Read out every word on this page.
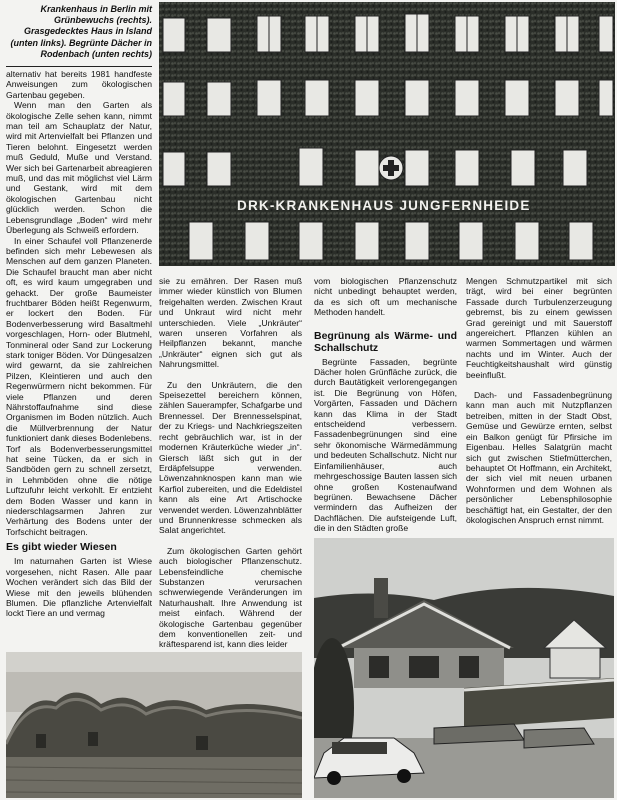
Krankenhaus in Berlin mit Grünbewuchs (rechts). Grasgedecktes Haus in Island (unten links). Begrünte Dächer in Rodenbach (unten rechts)
DRK-KRANKENHAUS JUNGFERNHEIDE

alternativ hat bereits 1981 handfeste Anweisungen zum ökologischen Gartenbau gegeben.

Wenn man den Garten als ökologische Zelle sehen kann, nimmt man teil am Schauplatz der Natur, wird mit Artenvielfalt bei Pflanzen und Tieren belohnt. Eingesetzt werden muß Geduld, Muße und Verstand. Wer sich bei Gartenarbeit abreagieren muß, und das mit möglichst viel Lärm und Gestank, wird mit dem ökologischen Gartenbau nicht glücklich werden. Schon die Lebensgrundlage „Boden“ wird mehr Überlegung als Schweiß erfordern.

In einer Schaufel voll Pflanzenerde befinden sich mehr Lebewesen als Menschen auf dem ganzen Planeten. Die Schaufel braucht man aber nicht oft, es wird kaum umgegraben und gehackt. Der große Baumeister fruchtbarer Böden heißt Regenwurm, er lockert den Boden. Für Bodenverbesserung wird Basaltmehl vorgeschlagen, Horn- oder Blutmehl, Tonmineral oder Sand zur Lockerung stark toniger Böden. Vor Düngesalzen wird gewarnt, da sie zahlreichen Pilzen, Kleintieren und auch den Regenwürmern nicht bekommen. Für viele Pflanzen und deren Nährstoffaufnahme sind diese Organismen im Boden nützlich. Auch die Müllverbrennung der Natur funktioniert dank dieses Bodenlebens. Torf als Bodenverbesserungsmittel hat seine Tücken, da er sich in Sandböden gern zu schnell zersetzt, in Lehmböden ohne die nötige Luftzufuhr leicht verkohlt. Er entzieht dem Boden Wasser und kann in niederschlagsarmen Jahren zur Verhärtung des Bodens unter der Torfschicht beitragen.

Es gibt wieder Wiesen

Im naturnahen Garten ist Wiese vorgesehen, nicht Rasen. Alle paar Wochen verändert sich das Bild der Wiese mit den jeweils blühenden Blumen. Die pflanzliche Artenvielfalt lockt Tiere an und vermag

sie zu ernähren. Der Rasen muß immer wieder künstlich von Blumen freigehalten werden. Zwischen Kraut und Unkraut wird nicht mehr unterschieden. Viele „Unkräuter“ waren unseren Vorfahren als Heilpflanzen bekannt, manche „Unkräuter“ eignen sich gut als Nahrungsmittel.

Zu den Unkräutern, die den Speisezettel bereichern können, zählen Sauerampfer, Schafgarbe und Brennessel. Der Brennesselspinat, der zu Kriegs- und Nachkriegszeiten recht gebräuchlich war, ist in der modernen Kräuterküche wieder „in“. Giersch läßt sich gut in der Erdäpfelsuppe verwenden. Löwenzahnknospen kann man wie Karfiol zubereiten, und die Edeldistel kann als eine Art Artischocke verwendet werden. Löwenzahnblätter und Brunnenkresse schmecken als Salat angerichtet.

Zum ökologischen Garten gehört auch biologischer Pflanzenschutz. Lebensfeindliche chemische Substanzen verursachen schwerwiegende Veränderungen im Naturhaushalt. Ihre Anwendung ist meist einfach. Während der ökologische Gartenbau gegenüber dem konventionellen zeit- und kräftesparend ist, kann dies leider

vom biologischen Pflanzenschutz nicht unbedingt behauptet werden, da es sich oft um mechanische Methoden handelt.

Begrünung als Wärme- und Schallschutz

Begrünte Fassaden, begrünte Dächer holen Grünfläche zurück, die durch Bautätigkeit verlorengegangen ist. Die Begrünung von Höfen, Vorgärten, Fassaden und Dächern kann das Klima in der Stadt entscheidend verbessern. Fassadenbegrünungen sind eine sehr ökonomische Wärmedämmung und bedeuten Schallschutz. Nicht nur Einfamilienhäuser, auch mehrgeschossige Bauten lassen sich ohne großen Kostenaufwand begrünen. Bewachsene Dächer vermindern das Aufheizen der Dachflächen. Die aufsteigende Luft, die in den Städten große

Mengen Schmutzpartikel mit sich trägt, wird bei einer begrünten Fassade durch Turbulenzerzeugung gebremst, bis zu einem gewissen Grad gereinigt und mit Sauerstoff angereichert. Pflanzen kühlen an warmen Sommertagen und wärmen nachts und im Winter. Auch der Feuchtigkeitshaushalt wird günstig beeinflußt.

Dach- und Fassadenbegrünung kann man auch mit Nutzpflanzen betreiben, mitten in der Stadt Obst, Gemüse und Gewürze ernten, selbst ein Balkon genügt für Pfirsiche im Eigenbau. Helles Salatgrün macht sich gut zwischen Stiefmütterchen, behauptet Ot Hoffmann, ein Architekt, der sich viel mit neuen urbanen Wohnformen und dem Wohnen als persönlicher Lebensphilosophie beschäftigt hat, ein Gestalter, der den ökologischen Anspruch ernst nimmt.
